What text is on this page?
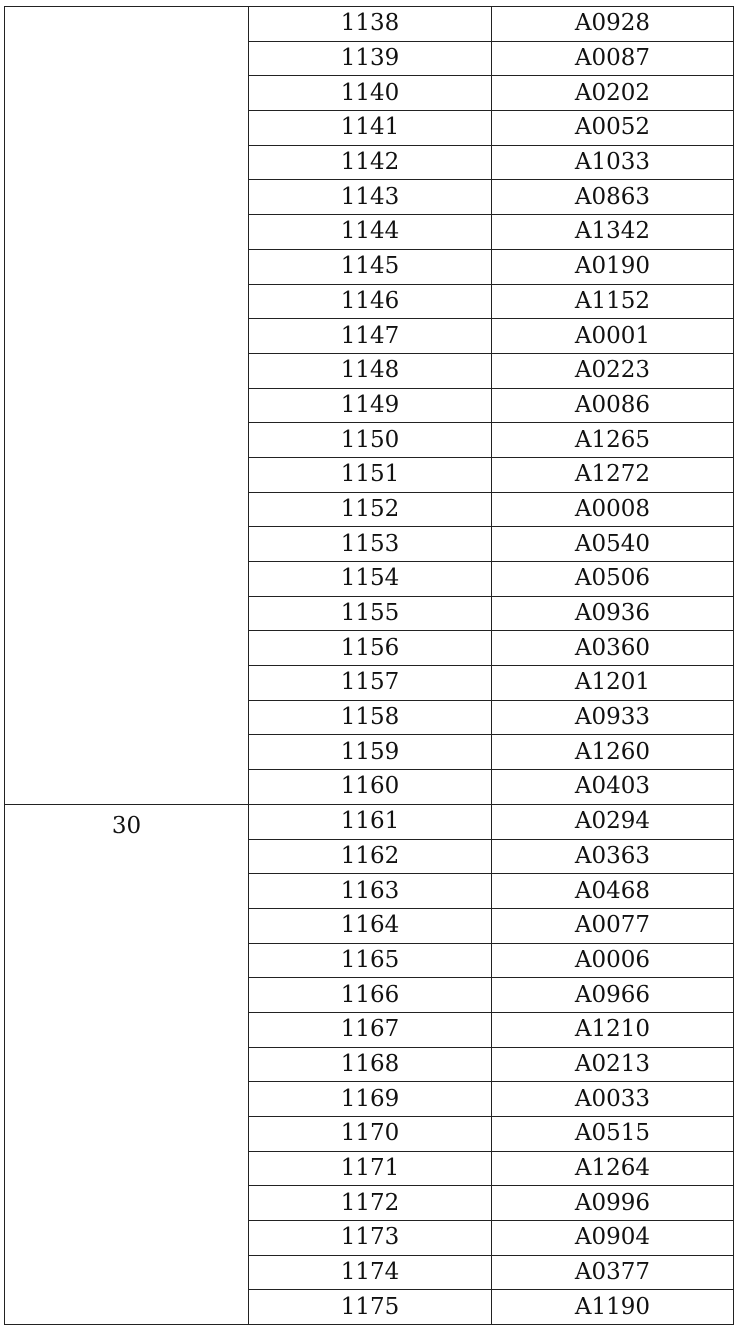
	1138	A0928
	1139	A0087
	1140	A0202
	1141	A0052
	1142	A1033
	1143	A0863
	1144	A1342
	1145	A0190
	1146	A1152
	1147	A0001
	1148	A0223
	1149	A0086
	1150	A1265
	1151	A1272
	1152	A0008
	1153	A0540
	1154	A0506
	1155	A0936
	1156	A0360
	1157	A1201
	1158	A0933
	1159	A1260
	1160	A0403

30	1161	A0294
	1162	A0363
	1163	A0468
	1164	A0077
	1165	A0006
	1166	A0966
	1167	A1210
	1168	A0213
	1169	A0033
	1170	A0515
	1171	A1264
	1172	A0996
	1173	A0904
	1174	A0377
	1175	A1190
